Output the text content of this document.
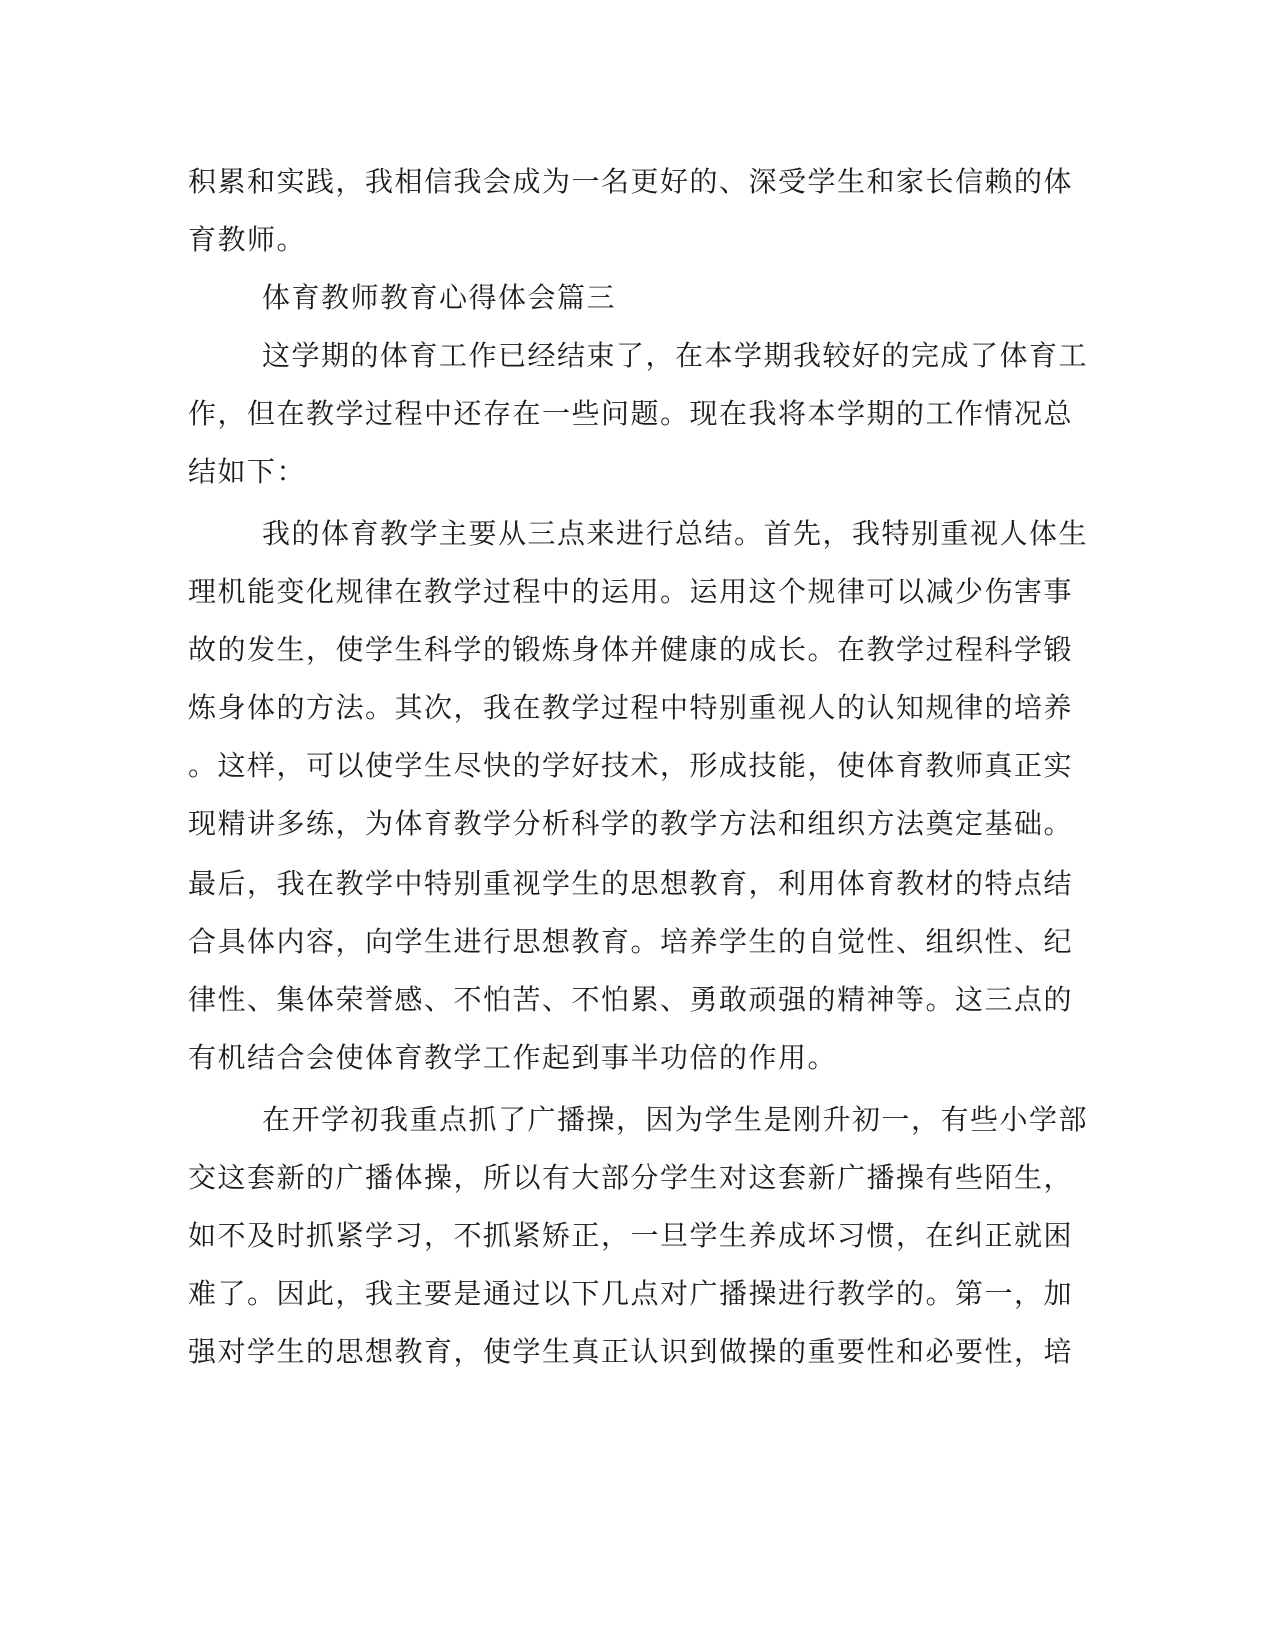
积累和实践，我相信我会成为一名更好的、深受学生和家长信赖的体
育教师。
体育教师教育心得体会篇三
这学期的体育工作已经结束了，在本学期我较好的完成了体育工
作，但在教学过程中还存在一些问题。现在我将本学期的工作情况总
结如下：
我的体育教学主要从三点来进行总结。首先，我特别重视人体生
理机能变化规律在教学过程中的运用。运用这个规律可以减少伤害事
故的发生，使学生科学的锻炼身体并健康的成长。在教学过程科学锻
炼身体的方法。其次，我在教学过程中特别重视人的认知规律的培养
。这样，可以使学生尽快的学好技术，形成技能，使体育教师真正实
现精讲多练，为体育教学分析科学的教学方法和组织方法奠定基础。
最后，我在教学中特别重视学生的思想教育，利用体育教材的特点结
合具体内容，向学生进行思想教育。培养学生的自觉性、组织性、纪
律性、集体荣誉感、不怕苦、不怕累、勇敢顽强的精神等。这三点的
有机结合会使体育教学工作起到事半功倍的作用。
在开学初我重点抓了广播操，因为学生是刚升初一，有些小学部
交这套新的广播体操，所以有大部分学生对这套新广播操有些陌生，
如不及时抓紧学习，不抓紧矫正，一旦学生养成坏习惯，在纠正就困
难了。因此，我主要是通过以下几点对广播操进行教学的。第一，加
强对学生的思想教育，使学生真正认识到做操的重要性和必要性，培
